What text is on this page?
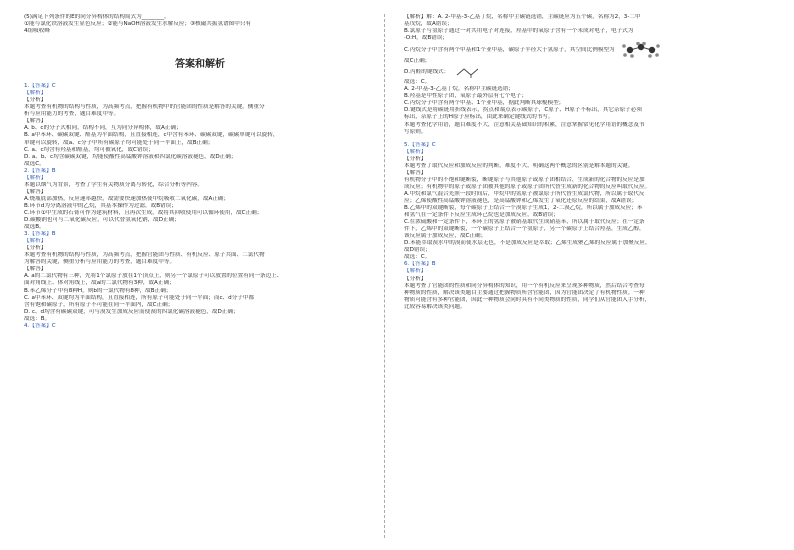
(5)满足下列条件的E的同分异构体的结构简式为________。
①能与氯化铁溶液发生显色反应；②能与NaOH溶液发生水解反应；③核磁共振氢谱图中只有
4组吸收峰
答案和解析
1.【答案】C
【解析】
【分析】
本题考查有机物的结构与性质，为高频考点，把握有机物中的官能团的性质是解答的关键，侧重分
析与应用能力的考查，题目难度中等。
【解答】
A. b、c的分子式相同，结构不同，互为同分异构体，故A正确；
B. a中苯环、碳碳双键、醛基为平面结构，且直接相连，c中含有苯环、碳碳双键，碳碳单键可以旋转，
单键可以旋转，故a、c分子中所有碳原子均可能处于同一平面上，故B正确；
C. a、c均含有羟基和醛基，均可被氧化，故C错误；
D. a、b、c均含碳碳双键，均能使酸性高锰酸钾溶液和四氯化碳溶液褪色，故D正确；
故选C。
2.【答案】B
【解析】
本题以烟气为背景，考查了学生有关物质分离与转化，综合分析等内容。
【解答】
A.烧瓶底部加热，反应速率越快，故需要快速加热使甲烷吸收二氧化碳，故A正确；
B.环节d为分离溶液中的乙烷，其基本操作为过滤，故B错误；
C.环节①中生成的石膏可作为建筑材料，且再次生成，故将其回收使用可以循环使用，故C正确；
D.碳酸钠也可与二氧化碳反应，可以代替氢氧化钠，故D正确；
故选B。
3.【答案】B
【解析】
【分析】
本题考查有机物的结构与性质，为高频考点，把握官能团与性质、有机反应、原子共面、二氯代物
为解答的关键，侧重分析与应用能力的考查，题目难度中等。
【解答】
A. a的二氯代物有三种，先将1个氯原子放在1个顶点上，则另一个氯原子可以放置的位置有同一条边上、
面对角线上、体对角线上，故a的二氯代物有3种，故A正确；
B.苯乙烯分子中有8种H，则b的一氯代物有8种，故B正确；
C. a中苯环、双键均为平面结构，且直接相连，所有原子可能处于同一平面；而c、d分子中都
含有饱和碳原子，所有原子不可能在同一平面内，故C正确；
D. c、d均含有碳碳双键，可与溴发生加成反应而使溴的四氯化碳溶液褪色，故D正确；
故选：B。
4.【答案】C
【解析】解：A. 2-甲基-3-乙基丁烷，名称中主碳链选错，主碳链应为五个碳，名称为2，3-二甲
基戊烷，故A错误；
B.氯原子与氢原子通过一对共用电子对连接，羟基中的氧原子含有一个未成对电子，电子式为
·Ö:H，故B错误；
C.丙烷分子中含有两个甲基和1个亚甲基，碳原子半径大于氢原子，其空间比例模型为
故C正确；
D.丙醛的键线式：
故选：C。
A. 2-甲基-3-乙基丁烷，名称中主碳链选错；
B.羟基是中性原子团，氧原子最外层有七个电子；
C.丙烷分子中含有两个甲基、1个亚甲基，据此判断其球棍模型；
D.键线式是将碳链用折线表示，拐点和端点表示碳原子，C原子、H原子不标出，其它杂原子必须
标出，杂原子上的H原子应标出，由此来确定键线式的书写。
本题考查化学用语，题目难度不大，注意相关基础知识的积累，注意掌握常见化学用语的概念及书
写原则。
5.【答案】C
【解析】
【分析】
本题考查了取代反应和加成反应的判断，难度不大，明确这两个概念的区别是解本题的关键。
【解答】
有机物分子中的不饱和键断裂，断键原子与其他原子或原子团相结合，生成新的化合物的反应是加
成反应；有机物中的原子或原子团被其他的原子或原子团所代替生成新的化合物的反应叫取代反应。
A.甲烷和氯气混合光照一段时间后，甲烷中的氢原子被氯原子所代替生成氯代物，所以属于取代反
应；乙烯使酸性高锰酸钾溶液褪色，是高锰酸钾和乙烯发生了氧化还原反应的结果，故A错误；
B.乙烯中的双键断裂，每个碳原子上结合一个溴原子生成1，2-二溴乙烷，所以属于加成反应；苯
和氢气在一定条件下反应生成环己烷也是加成反应，故B错误；
C.在浓硫酸和一定条件下，苯环上的氢原子被硝基取代生成硝基苯，所以属于取代反应；在一定条
件下，乙烯中的双键断裂，一个碳原子上结合一个氢原子，另一个碳原子上结合羟基，生成乙醇，
该反应属于加成反应，故C正确；
D.苯能萃取溴水中的溴而使水层无色，不是加成反应是萃取；乙烯生成聚乙烯的反应属于加聚反应，
故D错误；
故选：C。
6.【答案】B
【解析】
【分析】
本题考查了官能团的性质和同分异构体的知识，用一个有机反应来呈现多种物质，然后结合考查每
种物质的性质，解决该类题目主要通过把握物质所含官能团，因为官能团决定了有机物性质。一种
物质可能含有多种官能团，因此一种物质会同时具有不同类物质的性质，同学们从官能团入手分析，
比较容易解决该类问题。
